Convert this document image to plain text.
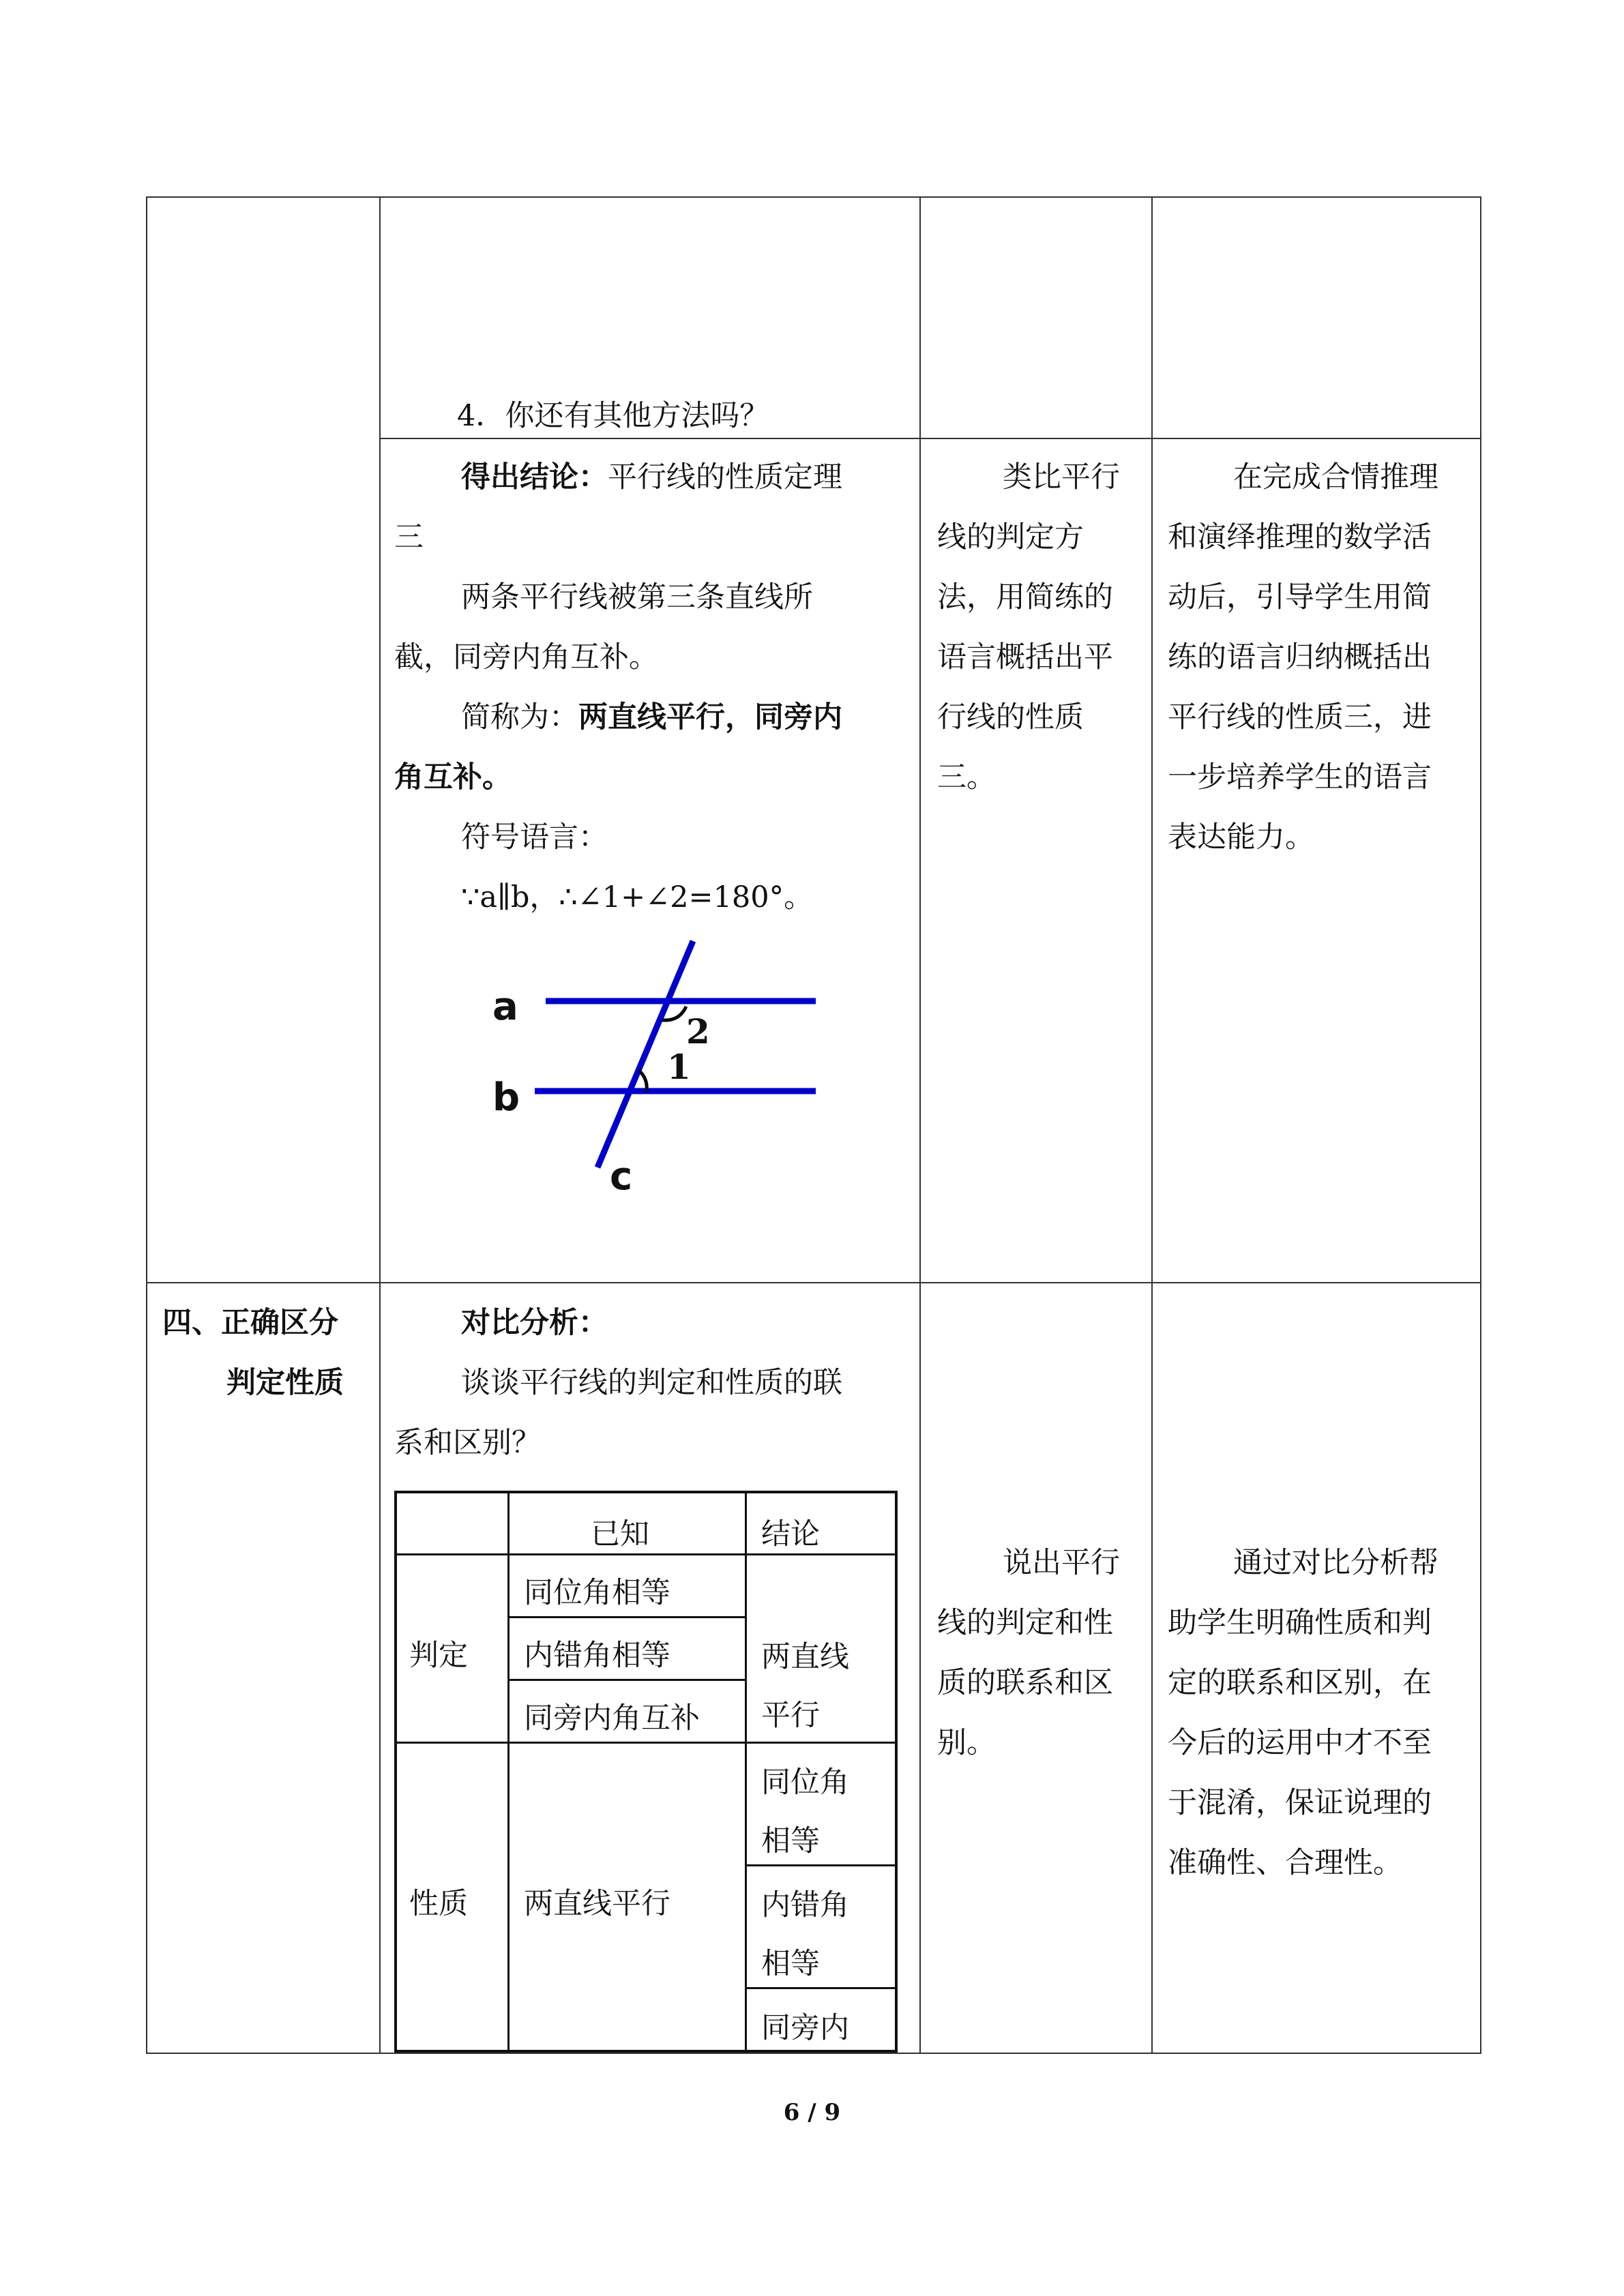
4．你还有其他方法吗？
得出结论：平行线的性质定理
三
两条平行线被第三条直线所
截，同旁内角互补。
简称为：两直线平行，同旁内
角互补。
符号语言：
∵a∥b，∴∠1+∠2=180°。
a
b
c
2
1
类比平行
线的判定方
法，用简练的
语言概括出平
行线的性质
三。
在完成合情推理
和演绎推理的数学活
动后，引导学生用简
练的语言归纳概括出
平行线的性质三，进
一步培养学生的语言
表达能力。
四、正确区分
判定性质
对比分析：
谈谈平行线的判定和性质的联
系和区别？
已知	结论
判定
同位角相等
内错角相等
同旁内角互补
两直线
平行
性质 两直线平行
同位角
相等
内错角
相等
同旁内
说出平行
线的判定和性
质的联系和区
别。
通过对比分析帮
助学生明确性质和判
定的联系和区别，在
今后的运用中才不至
于混淆，保证说理的
准确性、合理性。
6 / 9
